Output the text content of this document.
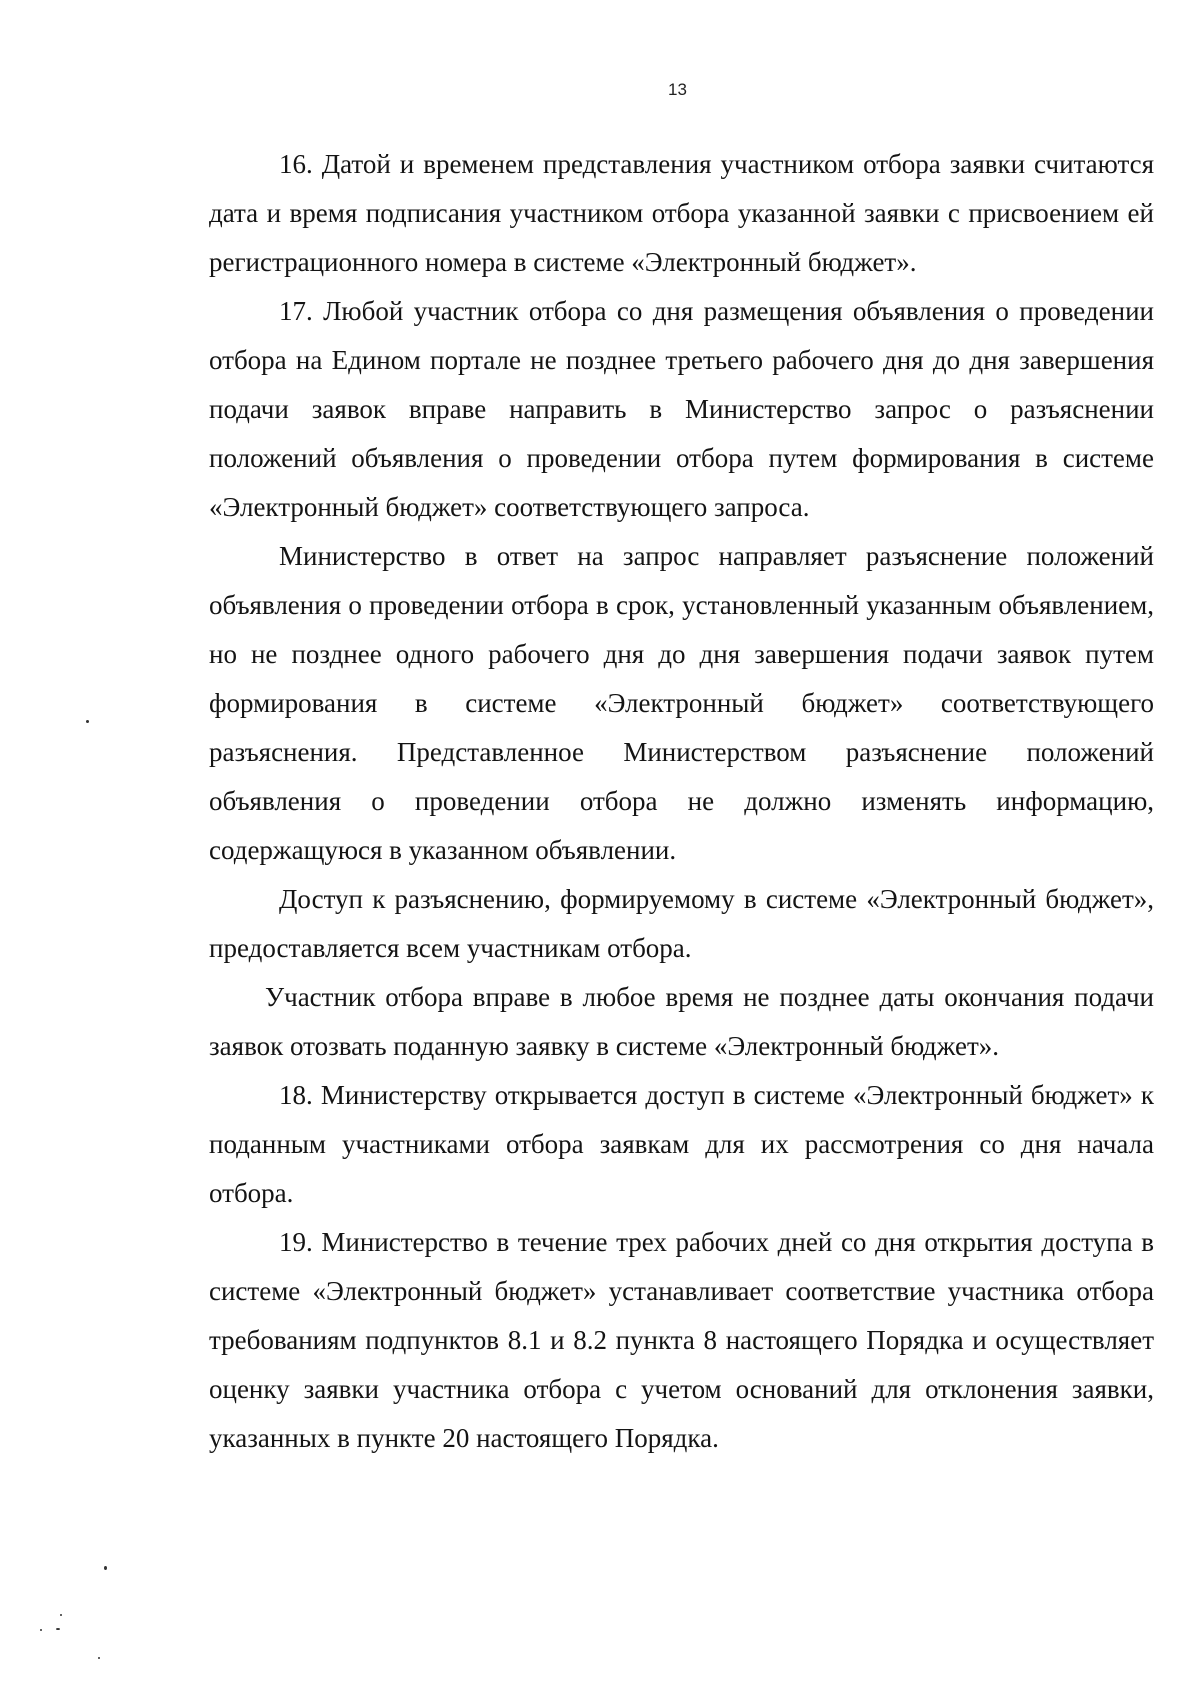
13

16. Датой и временем представления участником отбора заявки считаются дата и время подписания участником отбора указанной заявки с присвоением ей регистрационного номера в системе «Электронный бюджет».

17. Любой участник отбора со дня размещения объявления о проведении отбора на Едином портале не позднее третьего рабочего дня до дня завершения подачи заявок вправе направить в Министерство запрос о разъяснении положений объявления о проведении отбора путем формирования в системе «Электронный бюджет» соответствующего запроса.

Министерство в ответ на запрос направляет разъяснение положений объявления о проведении отбора в срок, установленный указанным объявлением, но не позднее одного рабочего дня до дня завершения подачи заявок путем формирования в системе «Электронный бюджет» соответствующего разъяснения. Представленное Министерством разъяснение положений объявления о проведении отбора не должно изменять информацию, содержащуюся в указанном объявлении.

Доступ к разъяснению, формируемому в системе «Электронный бюджет», предоставляется всем участникам отбора.

Участник отбора вправе в любое время не позднее даты окончания подачи заявок отозвать поданную заявку в системе «Электронный бюджет».

18. Министерству открывается доступ в системе «Электронный бюджет» к поданным участниками отбора заявкам для их рассмотрения со дня начала отбора.

19. Министерство в течение трех рабочих дней со дня открытия доступа в системе «Электронный бюджет» устанавливает соответствие участника отбора требованиям подпунктов 8.1 и 8.2 пункта 8 настоящего Порядка и осуществляет оценку заявки участника отбора с учетом оснований для отклонения заявки, указанных в пункте 20 настоящего Порядка.
